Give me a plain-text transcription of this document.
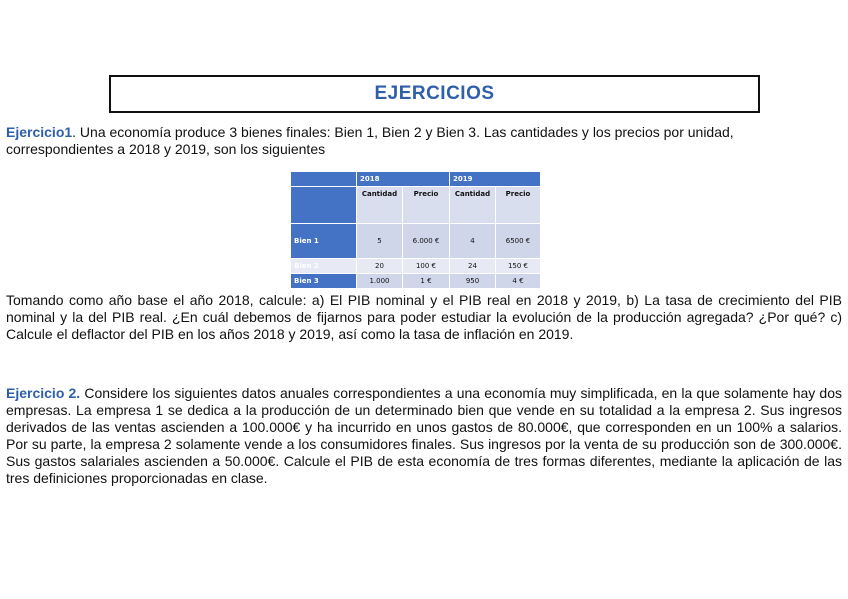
EJERCICIOS

Ejercicio1. Una economía produce 3 bienes finales: Bien 1, Bien 2 y Bien 3. Las cantidades y los precios por unidad, correspondientes a 2018 y 2019, son los siguientes

	2018		2019	
	Cantidad	Precio	Cantidad	Precio
Bien 1	5	6.000 €	4	6500 €
Bien 2	20	100 €	24	150 €
Bien 3	1.000	1 €	950	4 €

Tomando como año base el año 2018, calcule: a) El PIB nominal y el PIB real en 2018 y 2019, b) La tasa de crecimiento del PIB nominal y la del PIB real. ¿En cuál debemos de fijarnos para poder estudiar la evolución de la producción agregada? ¿Por qué? c) Calcule el deflactor del PIB en los años 2018 y 2019, así como la tasa de inflación en 2019.

Ejercicio 2. Considere los siguientes datos anuales correspondientes a una economía muy simplificada, en la que solamente hay dos empresas. La empresa 1 se dedica a la producción de un determinado bien que vende en su totalidad a la empresa 2. Sus ingresos derivados de las ventas ascienden a 100.000€ y ha incurrido en unos gastos de 80.000€, que corresponden en un 100% a salarios. Por su parte, la empresa 2 solamente vende a los consumidores finales. Sus ingresos por la venta de su producción son de 300.000€. Sus gastos salariales ascienden a 50.000€. Calcule el PIB de esta economía de tres formas diferentes, mediante la aplicación de las tres definiciones proporcionadas en clase.
